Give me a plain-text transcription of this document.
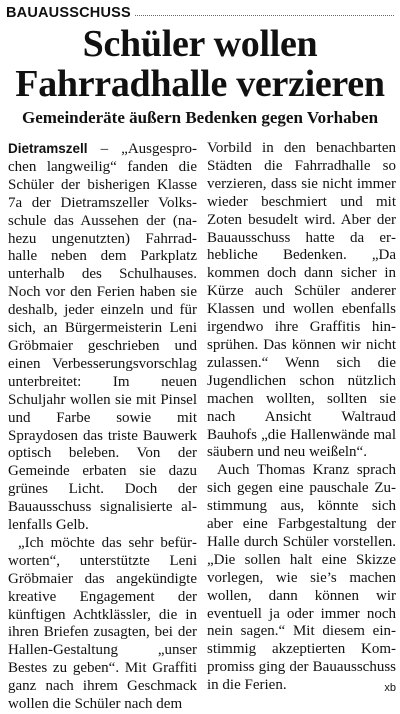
BAUAUSSCHUSS
Schüler wollen
Fahrradhalle verzieren
Gemeinderäte äußern Bedenken gegen Vorhaben

Dietramszell – „Ausgesprochen langweilig“ fanden die Schüler der bisherigen Klasse 7a der Dietramszeller Volksschule das Aussehen der (nahezu ungenutzten) Fahrradhalle neben dem Parkplatz unterhalb des Schulhauses. Noch vor den Ferien haben sie deshalb, jeder einzeln und für sich, an Bürgermeisterin Leni Gröbmaier geschrieben und einen Verbesserungsvorschlag unterbreitet: Im neuen Schuljahr wollen sie mit Pinsel und Farbe sowie mit Spraydosen das triste Bauwerk optisch beleben. Von der Gemeinde erbaten sie dazu grünes Licht. Doch der Bauausschuss signalisierte allenfalls Gelb.

„Ich möchte das sehr befürworten“, unterstützte Leni Gröbmaier das angekündigte kreative Engagement der künftigen Achtklässler, die in ihren Briefen zusagten, bei der Hallen-Gestaltung „unser Bestes zu geben“. Mit Graffiti ganz nach ihrem Geschmack wollen die Schüler nach dem

Vorbild in den benachbarten Städten die Fahrradhalle so verzieren, dass sie nicht immer wieder beschmiert und mit Zoten besudelt wird. Aber der Bauausschuss hatte da erhebliche Bedenken. „Da kommen doch dann sicher in Kürze auch Schüler anderer Klassen und wollen ebenfalls irgendwo ihre Graffitis hinsprühen. Das können wir nicht zulassen.“ Wenn sich die Jugendlichen schon nützlich machen wollten, sollten sie nach Ansicht Waltraud Bauhofs „die Hallenwände mal säubern und neu weißeln“.

Auch Thomas Kranz sprach sich gegen eine pauschale Zustimmung aus, könnte sich aber eine Farbgestaltung der Halle durch Schüler vorstellen. „Die sollen halt eine Skizze vorlegen, wie sie’s machen wollen, dann können wir eventuell ja oder immer noch nein sagen.“ Mit diesem einstimmig akzeptierten Kompromiss ging der Bauausschuss in die Ferien.	xb
